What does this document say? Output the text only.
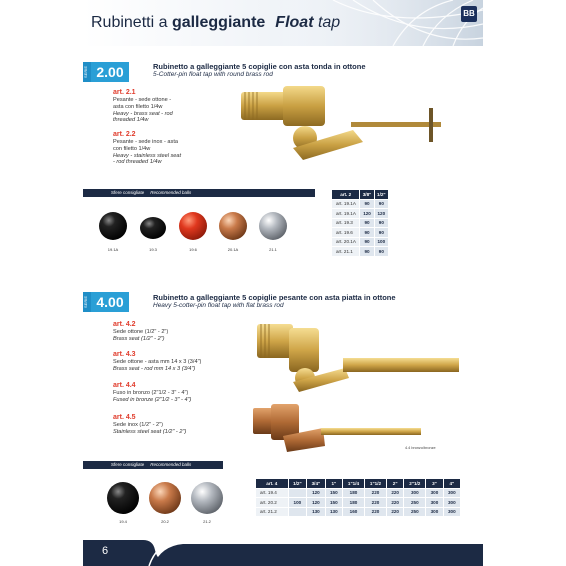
Rubinetti a galleggiante Float tap
BB
SERIE 2.00	Rubinetto a galleggiante 5 copiglie con asta tonda in ottone
5-Cotter-pin float tap with round brass rod
art. 2.1
Pesante - sede ottone -
asta con filetto 1/4w
Heavy - brass seat - rod
threaded 1/4w
art. 2.2
Pesante - sede inox - asta
con filetto 1/4w
Heavy - stainless steel seat
- rod threaded 1/4w
Sfere consigliate Recommended balls
19.1A	19.3	19.6	20.1A	21.1
art. 2	3/8"	1/2"
art. 19.1A	90	90
art. 19.1A	120	120
art. 19.3	90	90
art. 19.6	90	90
art. 20.1A	90	100
art. 21.1	90	90
SERIE 4.00	Rubinetto a galleggiante 5 copiglie pesante con asta piatta in ottone
Heavy 5-cotter-pin float tap with flat brass rod
art. 4.2
Sede ottone (1/2" - 2")
Brass seat (1/2" - 2")
art. 4.3
Sede ottone - asta mm 14 x 3 (3/4")
Brass seat - rod mm 14 x 3 (3/4")
art. 4.4
Fuso in bronzo (2"1/2 - 3" - 4")
Fused in bronze (2"1/2 - 3" - 4")
art. 4.5
Sede inox (1/2" - 2")
Stainless steel seat (1/2" - 2")
4.4 bronzo/bronze
Sfere consigliate Recommended balls
19.4	20.2	21.2
art. 4	1/2"	3/4"	1"	1"1/4	1"1/2	2"	2"1/2	3"	4"
art. 19.4		120	150	180	220	220	300	300	300
art. 20.2	100	120	150	180	220	220	250	300	300
art. 21.2		130	130	160	220	220	250	300	300
6
